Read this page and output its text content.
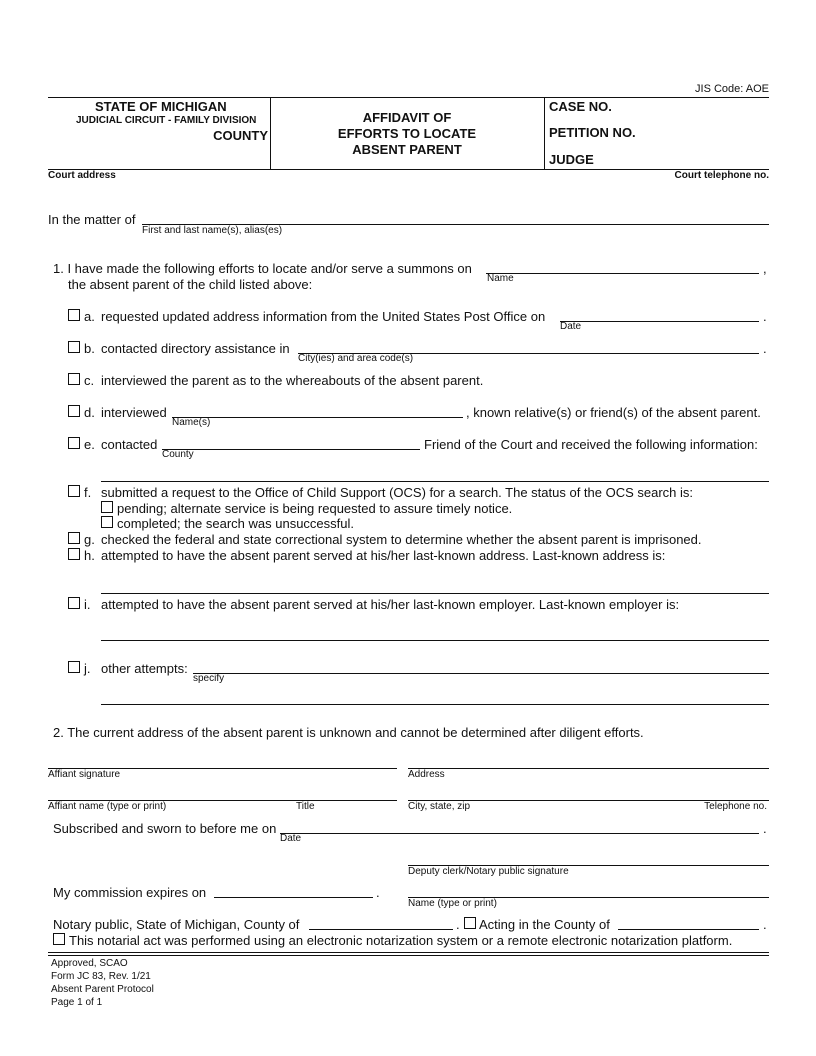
JIS Code: AOE
STATE OF MICHIGAN
JUDICIAL CIRCUIT - FAMILY DIVISION
COUNTY
AFFIDAVIT OF
EFFORTS TO LOCATE
ABSENT PARENT
CASE NO.
PETITION NO.
JUDGE
Court address	Court telephone no.
In the matter of
First and last name(s), alias(es)
1. I have made the following efforts to locate and/or serve a summons on
Name
,
the absent parent of the child listed above:
a. requested updated address information from the United States Post Office on
Date
.
b. contacted directory assistance in
City(ies) and area code(s)
.
c. interviewed the parent as to the whereabouts of the absent parent.
d. interviewed
Name(s)
, known relative(s) or friend(s) of the absent parent.
e. contacted
County
Friend of the Court and received the following information:
f. submitted a request to the Office of Child Support (OCS) for a search. The status of the OCS search is:
pending; alternate service is being requested to assure timely notice.
completed; the search was unsuccessful.
g. checked the federal and state correctional system to determine whether the absent parent is imprisoned.
h. attempted to have the absent parent served at his/her last-known address. Last-known address is:
i. attempted to have the absent parent served at his/her last-known employer. Last-known employer is:
j. other attempts:
specify
2. The current address of the absent parent is unknown and cannot be determined after diligent efforts.
Affiant signature	Address
Affiant name (type or print)	Title	City, state, zip	Telephone no.
Subscribed and sworn to before me on
Date
.
Deputy clerk/Notary public signature
My commission expires on	.
Name (type or print)
Notary public, State of Michigan, County of	. Acting in the County of	.
This notarial act was performed using an electronic notarization system or a remote electronic notarization platform.
Approved, SCAO
Form JC 83, Rev. 1/21
Absent Parent Protocol
Page 1 of 1
